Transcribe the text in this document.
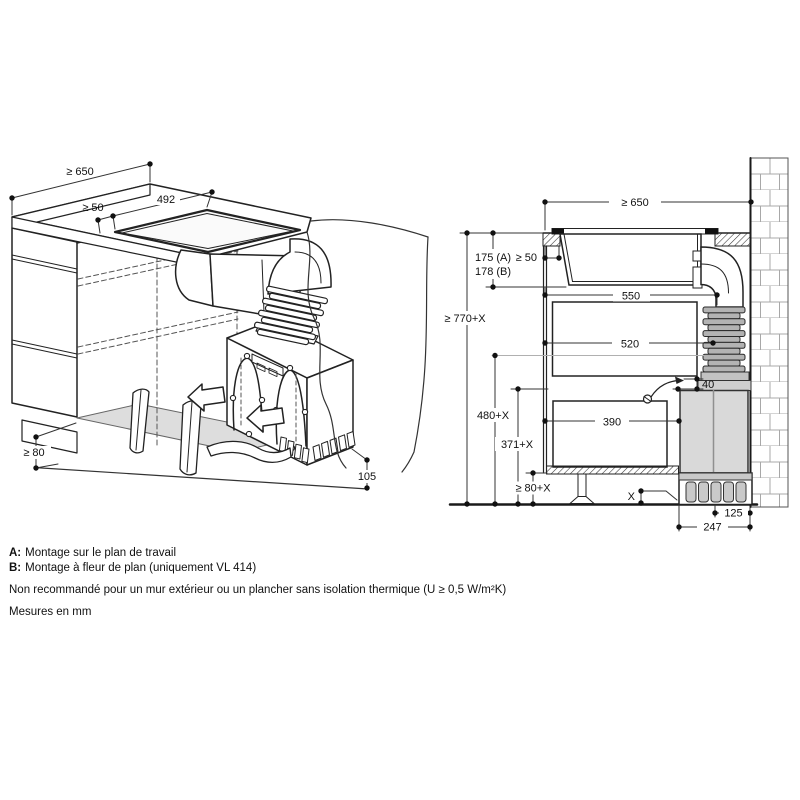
≥ 650
492
≥ 50
≥ 80
105
≥ 650
≥ 50
175 (A)
178 (B)
≥ 770+X
550
520
40
480+X
390
371+X
≥ 80+X
X
125
247
A: Montage sur le plan de travail
B: Montage à fleur de plan (uniquement VL 414)
Non recommandé pour un mur extérieur ou un plancher sans isolation thermique (U ≥ 0,5 W/m²K)
Mesures en mm
